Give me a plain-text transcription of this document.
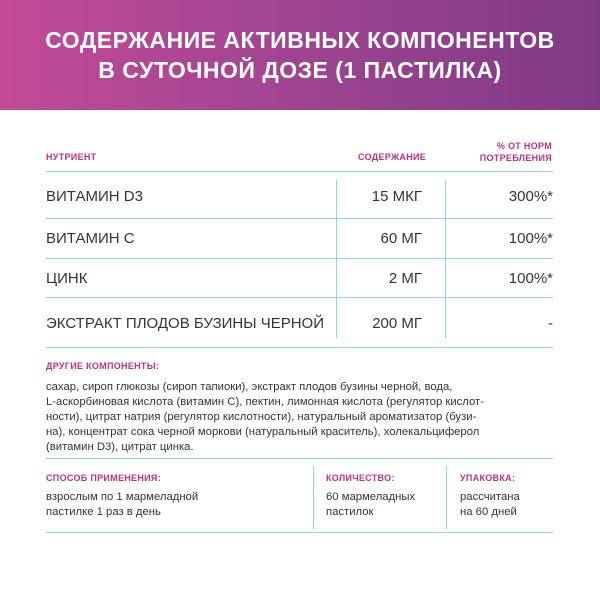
СОДЕРЖАНИЕ АКТИВНЫХ КОМПОНЕНТОВ
В СУТОЧНОЙ ДОЗЕ (1 ПАСТИЛКА)
НУТРИЕНТ	СОДЕРЖАНИЕ
% ОТ НОРМ
ПОТРЕБЛЕНИЯ
ВИТАМИН D3	15 МКГ	300%*
ВИТАМИН С	60 МГ	100%*
ЦИНК	2 МГ	100%*
ЭКСТРАКТ ПЛОДОВ БУЗИНЫ ЧЕРНОЙ	200 МГ	-
ДРУГИЕ КОМПОНЕНТЫ:
сахар, сироп глюкозы (сироп тапиоки), экстракт плодов бузины черной, вода,
L-аскорбиновая кислота (витамин С), пектин, лимонная кислота (регулятор кислот-
ности), цитрат натрия (регулятор кислотности), натуральный ароматизатор (бузи-
на), концентрат сока черной моркови (натуральный краситель), холекальциферол
(витамин D3), цитрат цинка.
СПОСОБ ПРИМЕНЕНИЯ:
взрослым по 1 мармеладной
пастилке 1 раз в день
КОЛИЧЕСТВО:
60 мармеладных
пастилок
УПАКОВКА:
рассчитана
на 60 дней
